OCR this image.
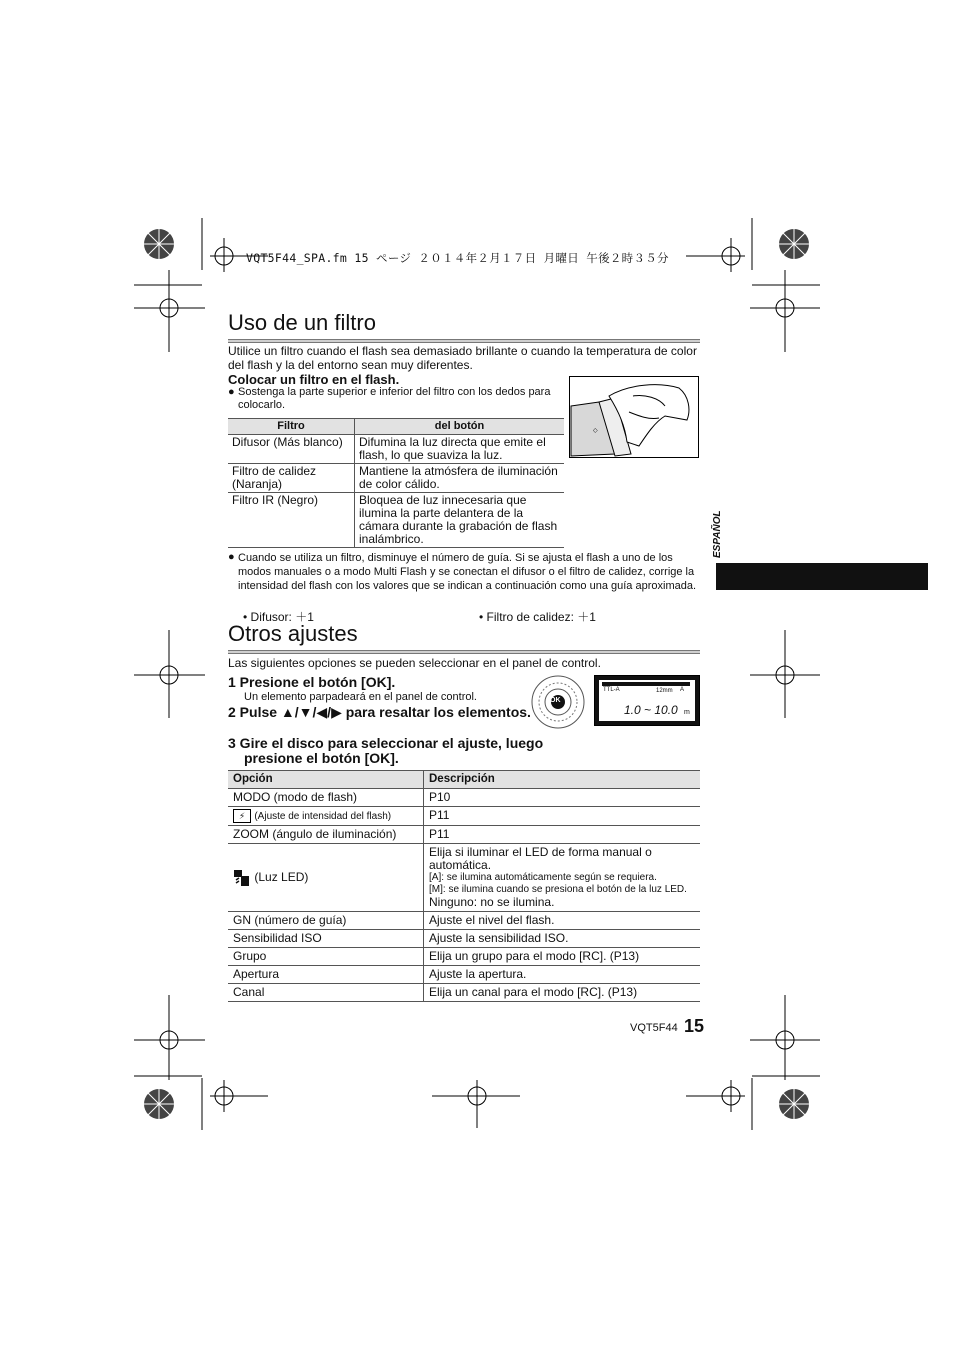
VQT5F44_SPA.fm 15 ページ ２０１４年２月１７日 月曜日 午後２時３５分
ESPAÑOL
Uso de un filtro
Utilice un filtro cuando el flash sea demasiado brillante o cuando la temperatura de color del flash y la del entorno sean muy diferentes.
Colocar un filtro en el flash.
● Sostenga la parte superior e inferior del filtro con los dedos para colocarlo.
◇
Filtro	del botón
Difusor (Más blanco)	Difumina la luz directa que emite el flash, lo que suaviza la luz.
Filtro de calidez (Naranja)	Mantiene la atmósfera de iluminación de color cálido.
Filtro IR (Negro)	Bloquea de luz innecesaria que ilumina la parte delantera de la cámara durante la grabación de flash inalámbrico.
● Cuando se utiliza un filtro, disminuye el número de guía. Si se ajusta el flash a uno de los modos manuales o a modo Multi Flash y se conectan el difusor o el filtro de calidez, corrige la intensidad del flash con los valores que se indican a continuación como una guía aproximada.
• Difusor: ＋1	• Filtro de calidez: ＋1
Otros ajustes
Las siguientes opciones se pueden seleccionar en el panel de control.
1 Presione el botón [OK].
Un elemento parpadeará en el panel de control.
2 Pulse ▲/▼/◀/▶ para resaltar los elementos.
3 Gire el disco para seleccionar el ajuste, luego presione el botón [OK].
OK
TTL-A	12mm A
1.0 ~ 10.0 m
Opción	Descripción
MODO (modo de flash)	P10
⚡ (Ajuste de intensidad del flash)	P11
ZOOM (ángulo de iluminación)	P11
(Luz LED)	Elija si iluminar el LED de forma manual o automática.
[A]: se ilumina automáticamente según se requiera.
[M]: se ilumina cuando se presiona el botón de la luz LED.
Ninguno: no se ilumina.

GN (número de guía)	Ajuste el nivel del flash.
Sensibilidad ISO	Ajuste la sensibilidad ISO.
Grupo	Elija un grupo para el modo [RC]. (P13)
Apertura	Ajuste la apertura.
Canal	Elija un canal para el modo [RC]. (P13)
VQT5F44 15
